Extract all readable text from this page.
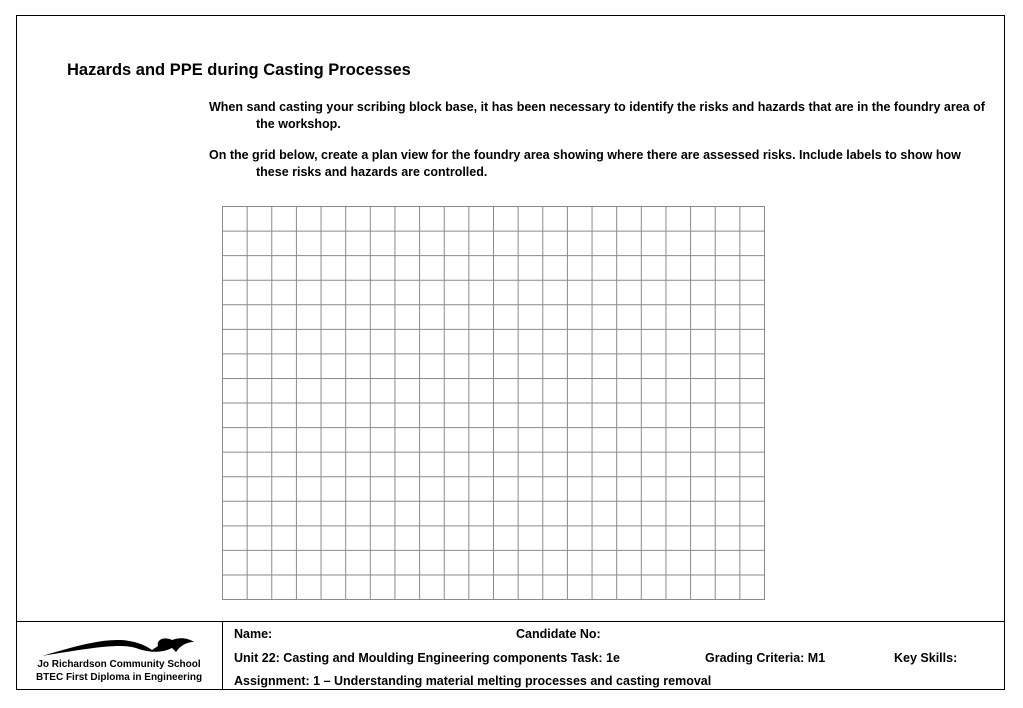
Hazards and PPE during Casting Processes

When sand casting your scribing block base, it has been necessary to identify the risks and hazards that are in the foundry area of the workshop.

On the grid below, create a plan view for the foundry area showing where there are assessed risks. Include labels to show how these risks and hazards are controlled.

Jo Richardson Community School
BTEC First Diploma in Engineering
Name:	Candidate No:
Unit 22: Casting and Moulding Engineering components Task: 1e	Grading Criteria: M1	Key Skills:
Assignment: 1 – Understanding material melting processes and casting removal
